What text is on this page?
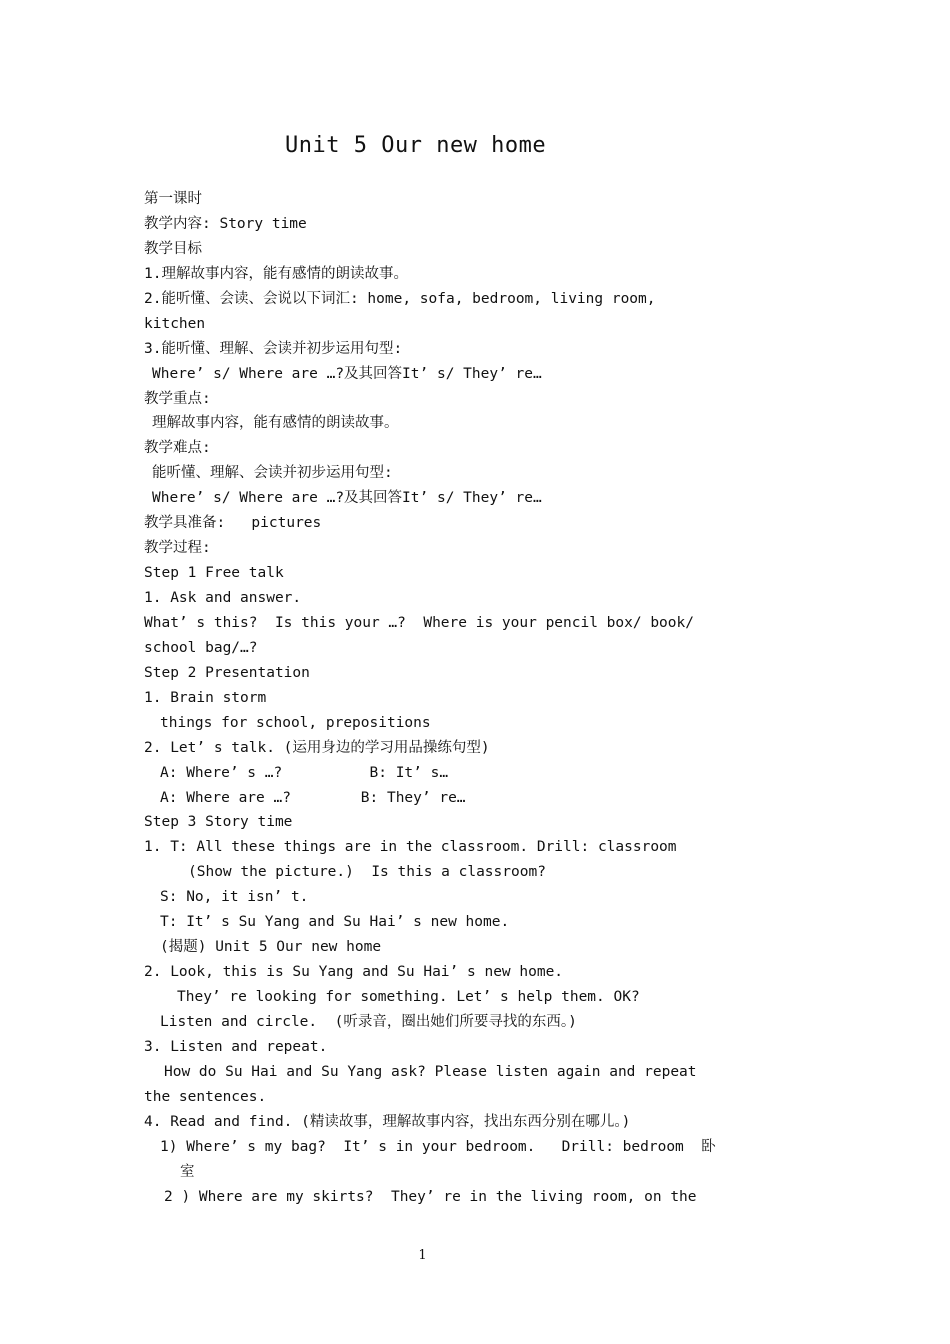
Unit 5 Our new home
第一课时
教学内容: Story time
教学目标
1.理解故事内容，能有感情的朗读故事。
2.能听懂、会读、会说以下词汇: home, sofa, bedroom, living room,
kitchen
3.能听懂、理解、会读并初步运用句型:
Where’ s/ Where are …?及其回答It’ s/ They’ re…
教学重点:
理解故事内容，能有感情的朗读故事。
教学难点:
能听懂、理解、会读并初步运用句型:
Where’ s/ Where are …?及其回答It’ s/ They’ re…
教学具准备:   pictures
教学过程:
Step 1 Free talk
1. Ask and answer.
What’ s this?  Is this your …?  Where is your pencil box/ book/
school bag/…?
Step 2 Presentation
1. Brain storm
things for school, prepositions
2. Let’ s talk. (运用身边的学习用品操练句型)
A: Where’ s …?          B: It’ s…
A: Where are …?        B: They’ re…
Step 3 Story time
1. T: All these things are in the classroom. Drill: classroom
(Show the picture.)  Is this a classroom?
S: No, it isn’ t.
T: It’ s Su Yang and Su Hai’ s new home.
(揭题) Unit 5 Our new home
2. Look, this is Su Yang and Su Hai’ s new home.
They’ re looking for something. Let’ s help them. OK?
Listen and circle.  (听录音，圈出她们所要寻找的东西。)
3. Listen and repeat.
How do Su Hai and Su Yang ask? Please listen again and repeat
the sentences.
4. Read and find. (精读故事，理解故事内容，找出东西分别在哪儿。)
1) Where’ s my bag?  It’ s in your bedroom.   Drill: bedroom  卧
室
2 ) Where are my skirts?  They’ re in the living room, on the
1
